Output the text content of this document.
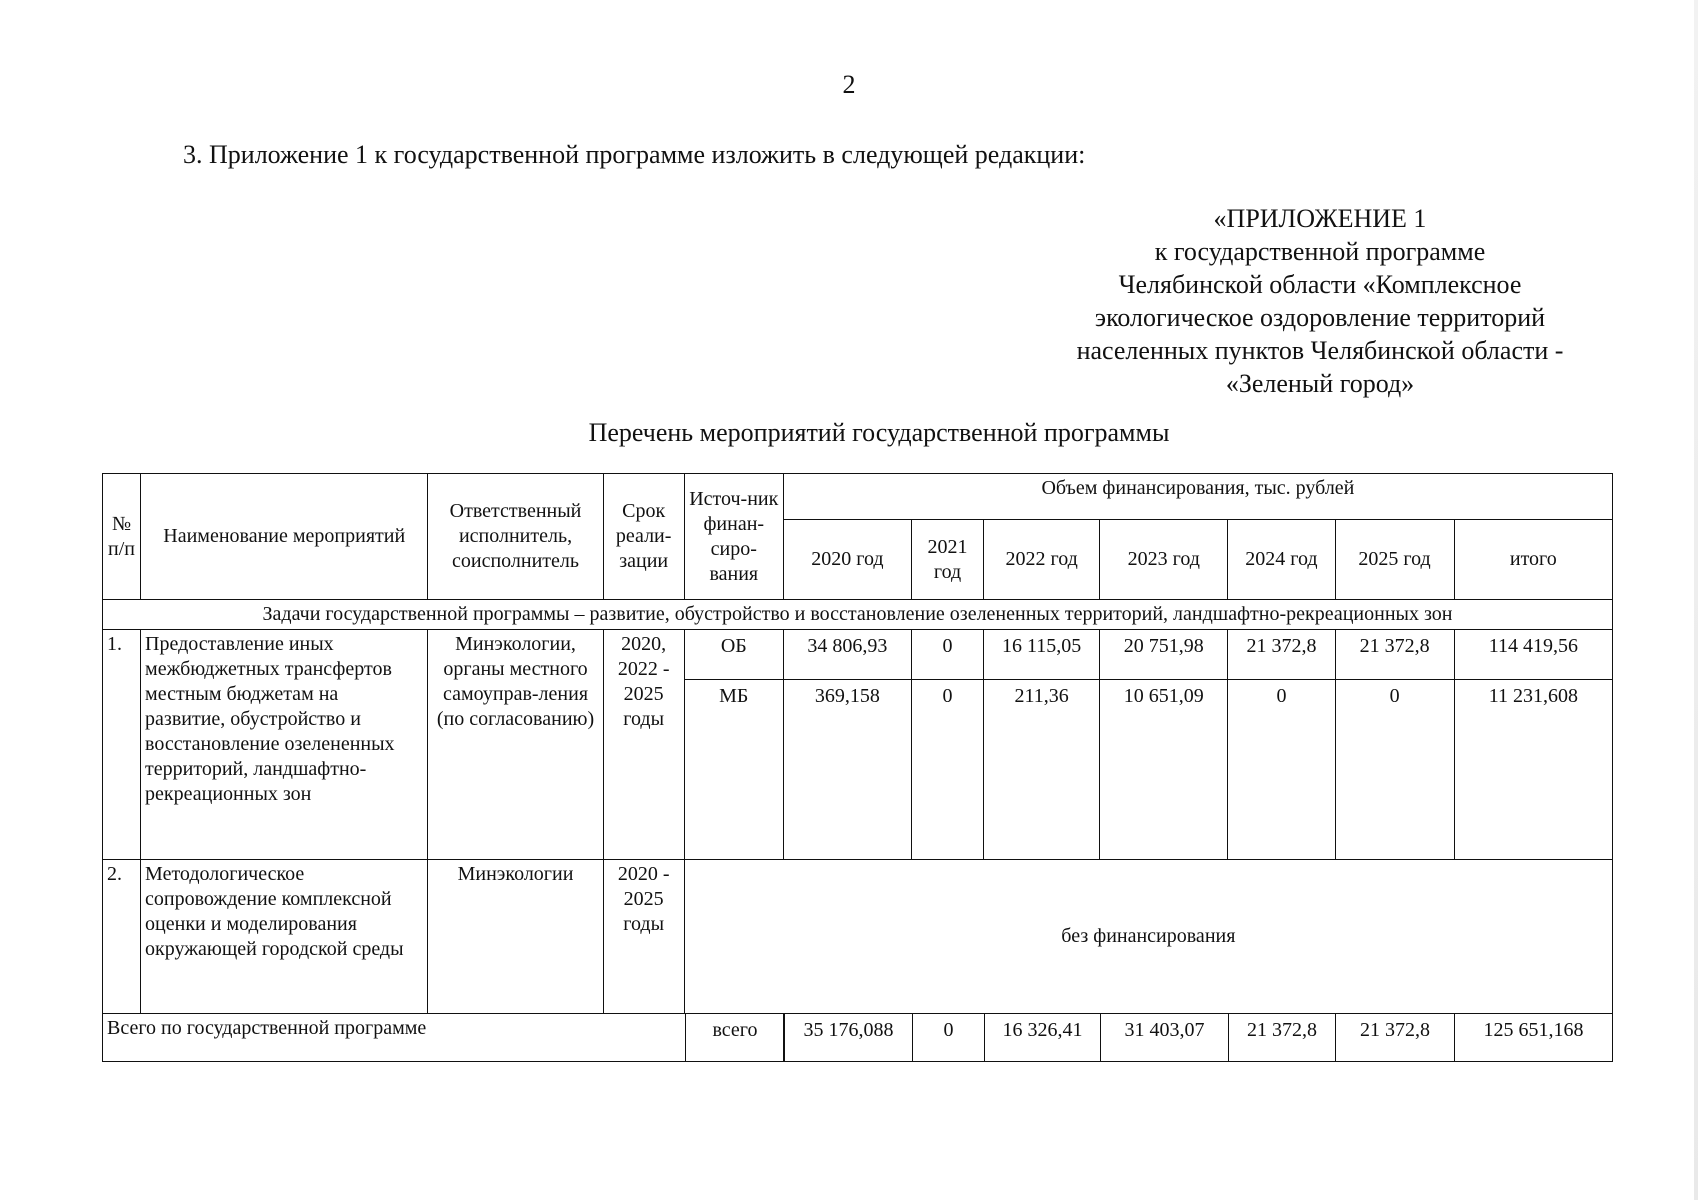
2
3. Приложение 1 к государственной программе изложить в следующей редакции:
«ПРИЛОЖЕНИЕ 1
к государственной программе
Челябинской области «Комплексное
экологическое оздоровление территорий
населенных пунктов Челябинской области -
«Зеленый город»
Перечень мероприятий государственной программы
№ п/п	Наименование мероприятий	Ответственный исполнитель, соисполнитель	Срок реали-зации	Источ-ник финан-сиро-вания	Объем финансирования, тыс. рублей						
					2020 год	2021 год	2022 год	2023 год	2024 год	2025 год	итого
Задачи государственной программы – развитие, обустройство и восстановление озелененных территорий, ландшафтно-рекреационных зон											
1.	Предоставление иных межбюджетных трансфертов местным бюджетам на развитие, обустройство и восстановление озелененных территорий, ландшафтно-рекреационных зон	Минэкологии, органы местного самоуправ-ления (по согласованию)	2020, 2022 - 2025 годы	ОБ	34 806,93	0	16 115,05	20 751,98	21 372,8	21 372,8	114 419,56
				МБ	369,158	0	211,36	10 651,09	0	0	11 231,608
2.	Методологическое сопровождение комплексной оценки и моделирования окружающей городской среды	Минэкологии	2020 - 2025 годы	без финансирования							
Всего по государственной программе												всего	35 176,088	0	16 326,41	31 403,07	21 372,8	21 372,8	125 651,168
